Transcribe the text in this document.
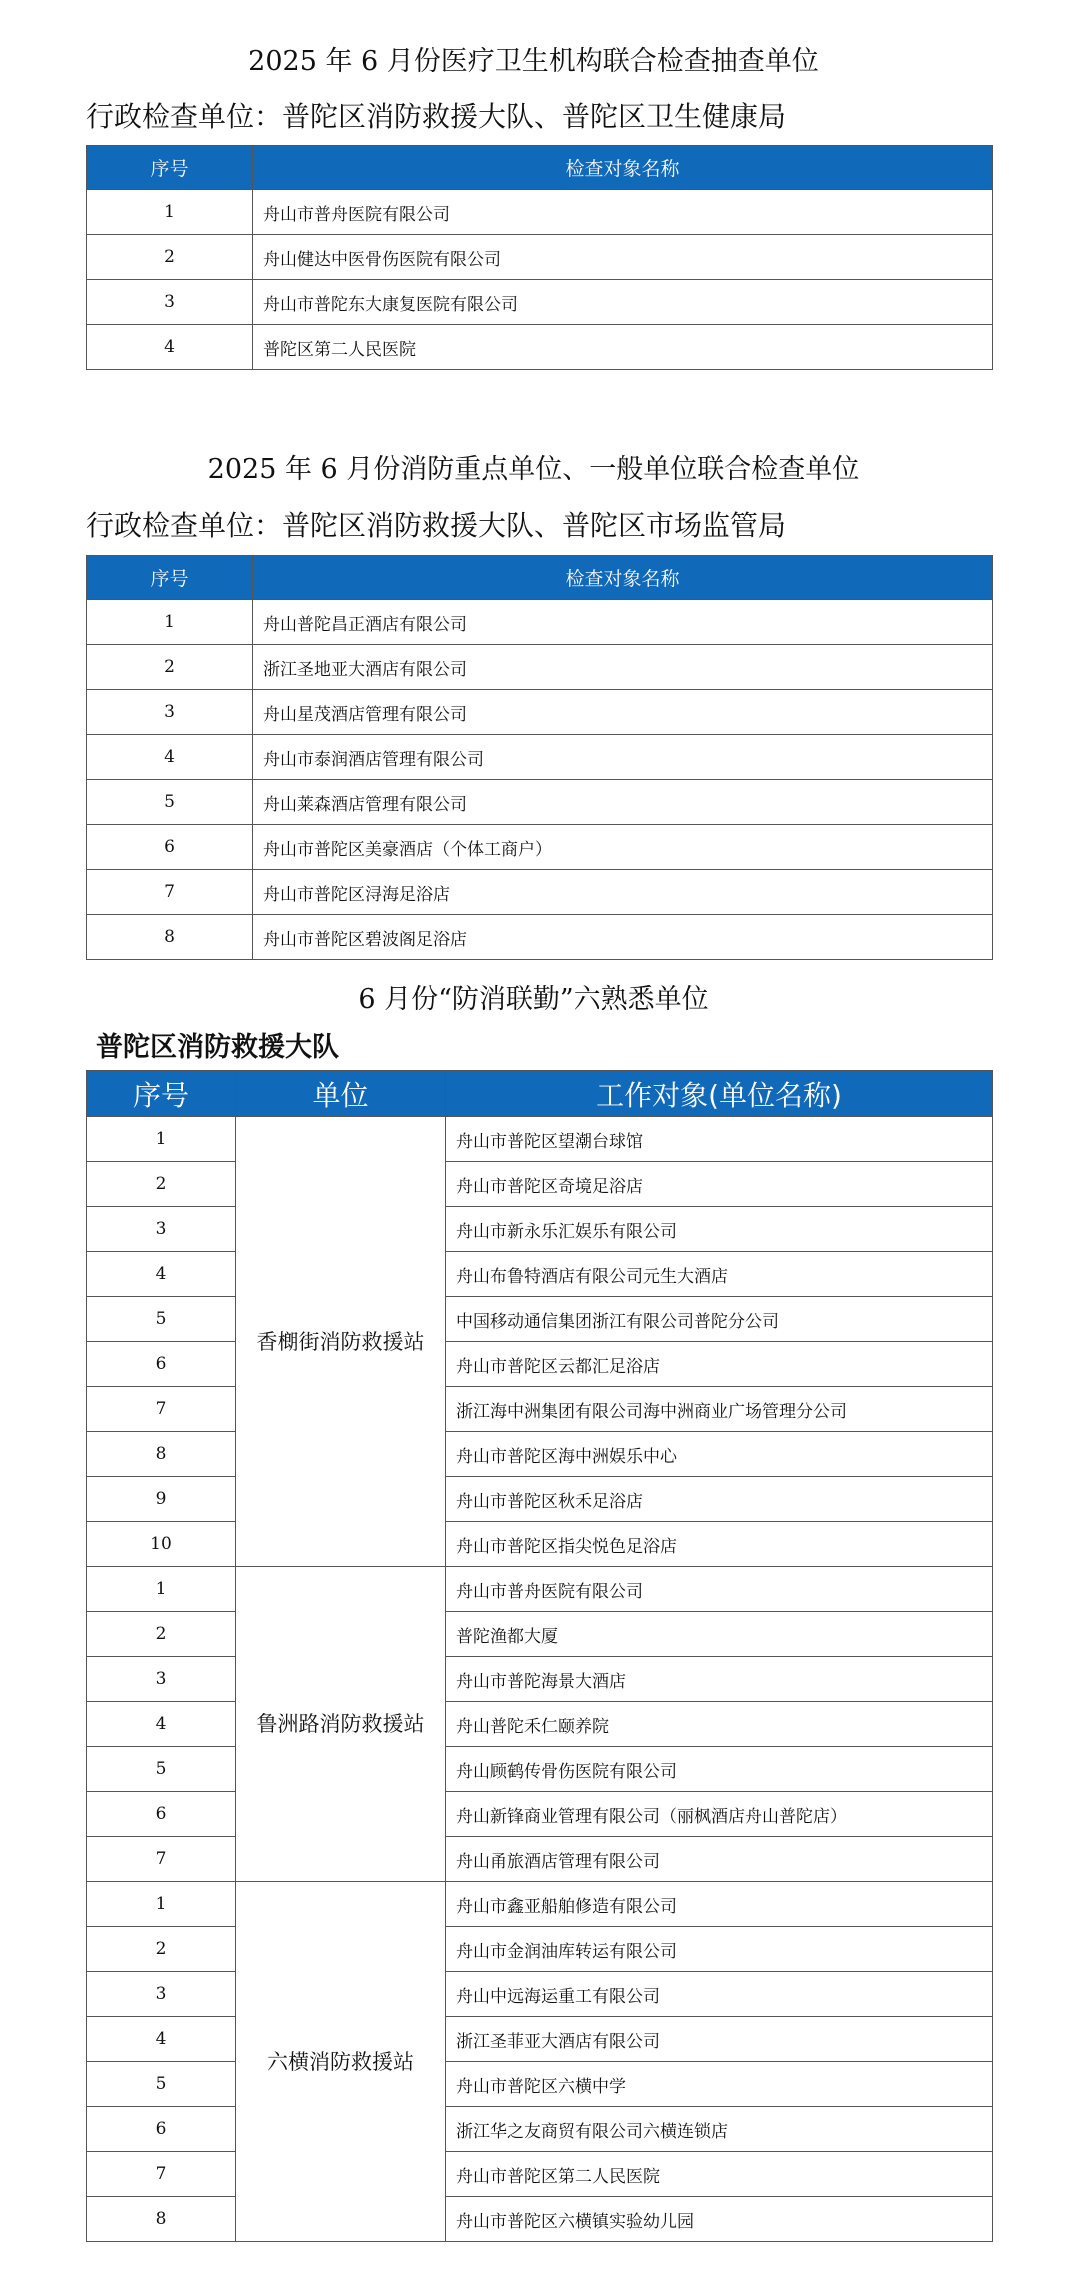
2025 年 6 月份医疗卫生机构联合检查抽查单位
行政检查单位：普陀区消防救援大队、普陀区卫生健康局
序号	检查对象名称
1	舟山市普舟医院有限公司
2	舟山健达中医骨伤医院有限公司
3	舟山市普陀东大康复医院有限公司
4	普陀区第二人民医院
2025 年 6 月份消防重点单位、一般单位联合检查单位
行政检查单位：普陀区消防救援大队、普陀区市场监管局
序号	检查对象名称
1	舟山普陀昌正酒店有限公司
2	浙江圣地亚大酒店有限公司
3	舟山星茂酒店管理有限公司
4	舟山市泰润酒店管理有限公司
5	舟山莱森酒店管理有限公司
6	舟山市普陀区美豪酒店（个体工商户）
7	舟山市普陀区浔海足浴店
8	舟山市普陀区碧波阁足浴店
6 月份“防消联勤”六熟悉单位
普陀区消防救援大队
序号	单位	工作对象(单位名称)
1	香樃街消防救援站	舟山市普陀区望潮台球馆
2		舟山市普陀区奇境足浴店
3		舟山市新永乐汇娱乐有限公司
4		舟山布鲁特酒店有限公司元生大酒店
5		中国移动通信集团浙江有限公司普陀分公司
6		舟山市普陀区云都汇足浴店
7		浙江海中洲集团有限公司海中洲商业广场管理分公司
8		舟山市普陀区海中洲娱乐中心
9		舟山市普陀区秋禾足浴店
10		舟山市普陀区指尖悦色足浴店
1	鲁洲路消防救援站	舟山市普舟医院有限公司
2		普陀渔都大厦
3		舟山市普陀海景大酒店
4		舟山普陀禾仁颐养院
5		舟山顾鹤传骨伤医院有限公司
6		舟山新锋商业管理有限公司（丽枫酒店舟山普陀店）
7		舟山甬旅酒店管理有限公司
1	六横消防救援站	舟山市鑫亚船舶修造有限公司
2		舟山市金润油库转运有限公司
3		舟山中远海运重工有限公司
4		浙江圣菲亚大酒店有限公司
5		舟山市普陀区六横中学
6		浙江华之友商贸有限公司六横连锁店
7		舟山市普陀区第二人民医院
8		舟山市普陀区六横镇实验幼儿园
